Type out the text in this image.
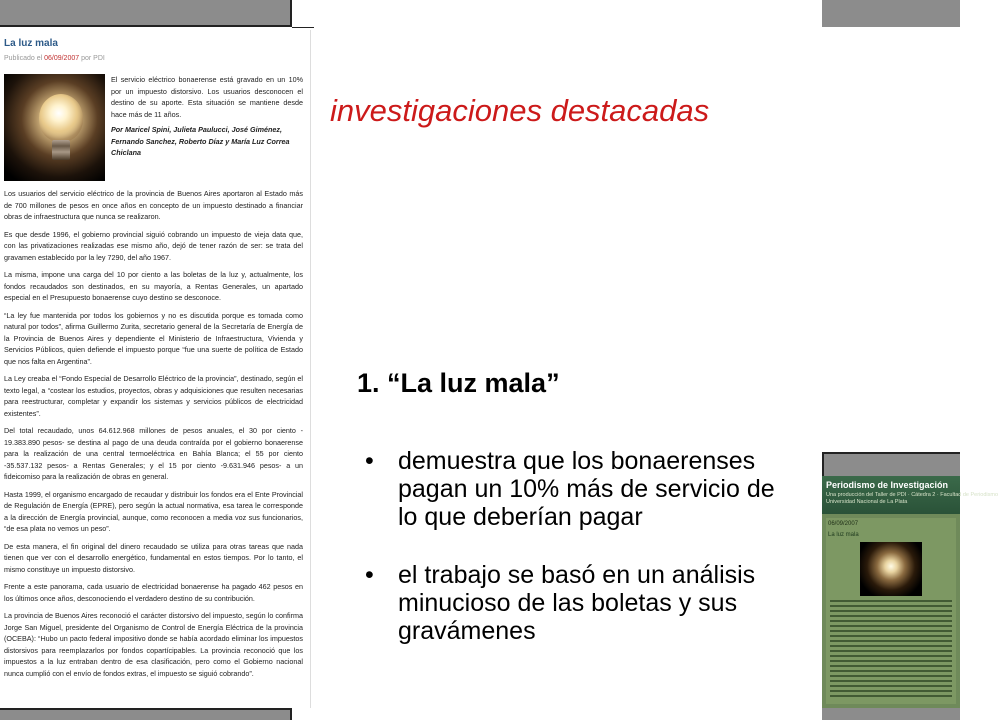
La luz mala
Publicado el 06/09/2007 por PDI
El servicio eléctrico bonaerense está gravado en un 10% por un impuesto distorsivo. Los usuarios desconocen el destino de su aporte. Esta situación se mantiene desde hace más de 11 años.
Por Maricel Spini, Julieta Paulucci, José Giménez, Fernando Sanchez, Roberto Díaz y María Luz Correa Chiclana

Los usuarios del servicio eléctrico de la provincia de Buenos Aires aportaron al Estado más de 700 millones de pesos en once años en concepto de un impuesto destinado a financiar obras de infraestructura que nunca se realizaron.

Es que desde 1996, el gobierno provincial siguió cobrando un impuesto de vieja data que, con las privatizaciones realizadas ese mismo año, dejó de tener razón de ser: se trata del gravamen establecido por la ley 7290, del año 1967.

La misma, impone una carga del 10 por ciento a las boletas de la luz y, actualmente, los fondos recaudados son destinados, en su mayoría, a Rentas Generales, un apartado especial en el Presupuesto bonaerense cuyo destino se desconoce.

“La ley fue mantenida por todos los gobiernos y no es discutida porque es tomada como natural por todos”, afirma Guillermo Zurita, secretario general de la Secretaría de Energía de la Provincia de Buenos Aires y dependiente el Ministerio de Infraestructura, Vivienda y Servicios Públicos, quien defiende el impuesto porque “fue una suerte de política de Estado que nos falta en Argentina”.

La Ley creaba el “Fondo Especial de Desarrollo Eléctrico de la provincia”, destinado, según el texto legal, a “costear los estudios, proyectos, obras y adquisiciones que resulten necesarias para reestructurar, completar y expandir los sistemas y servicios públicos de electricidad existentes”.

Del total recaudado, unos 64.612.968 millones de pesos anuales, el 30 por ciento - 19.383.890 pesos- se destina al pago de una deuda contraída por el gobierno bonaerense para la realización de una central termoeléctrica en Bahía Blanca; el 55 por ciento -35.537.132 pesos- a Rentas Generales; y el 15 por ciento -9.631.946 pesos- a un fideicomiso para la realización de obras en general.

Hasta 1999, el organismo encargado de recaudar y distribuir los fondos era el Ente Provincial de Regulación de Energía (EPRE), pero según la actual normativa, esa tarea le corresponde a la dirección de Energía provincial, aunque, como reconocen a media voz sus funcionarios, “de esa plata no vemos un peso”.

De esta manera, el fin original del dinero recaudado se utiliza para otras tareas que nada tienen que ver con el desarrollo energético, fundamental en estos tiempos. Por lo tanto, el mismo constituye un impuesto distorsivo.

Frente a este panorama, cada usuario de electricidad bonaerense ha pagado 462 pesos en los últimos once años, desconociendo el verdadero destino de su contribución.

La provincia de Buenos Aires reconoció el carácter distorsivo del impuesto, según lo confirma Jorge San Miguel, presidente del Organismo de Control de Energía Eléctrica de la provincia (OCEBA): “Hubo un pacto federal impositivo donde se había acordado eliminar los impuestos distorsivos para reemplazarlos por fondos copartícipables. La provincia reconoció que los impuestos a la luz entraban dentro de esa clasificación, pero como el Gobierno nacional nunca cumplió con el envío de fondos extras, el impuesto se siguió cobrando”.

investigaciones destacadas
1. “La luz mala”
• demuestra que los bonaerenses pagan un 10% más de servicio de lo que deberían pagar
• el trabajo se basó en un análisis minucioso de las boletas y sus gravámenes
Periodismo de Investigación
Una producción del Taller de PDI · Cátedra 2 · Facultad de Periodismo
Universidad Nacional de La Plata
06/09/2007
La luz mala
